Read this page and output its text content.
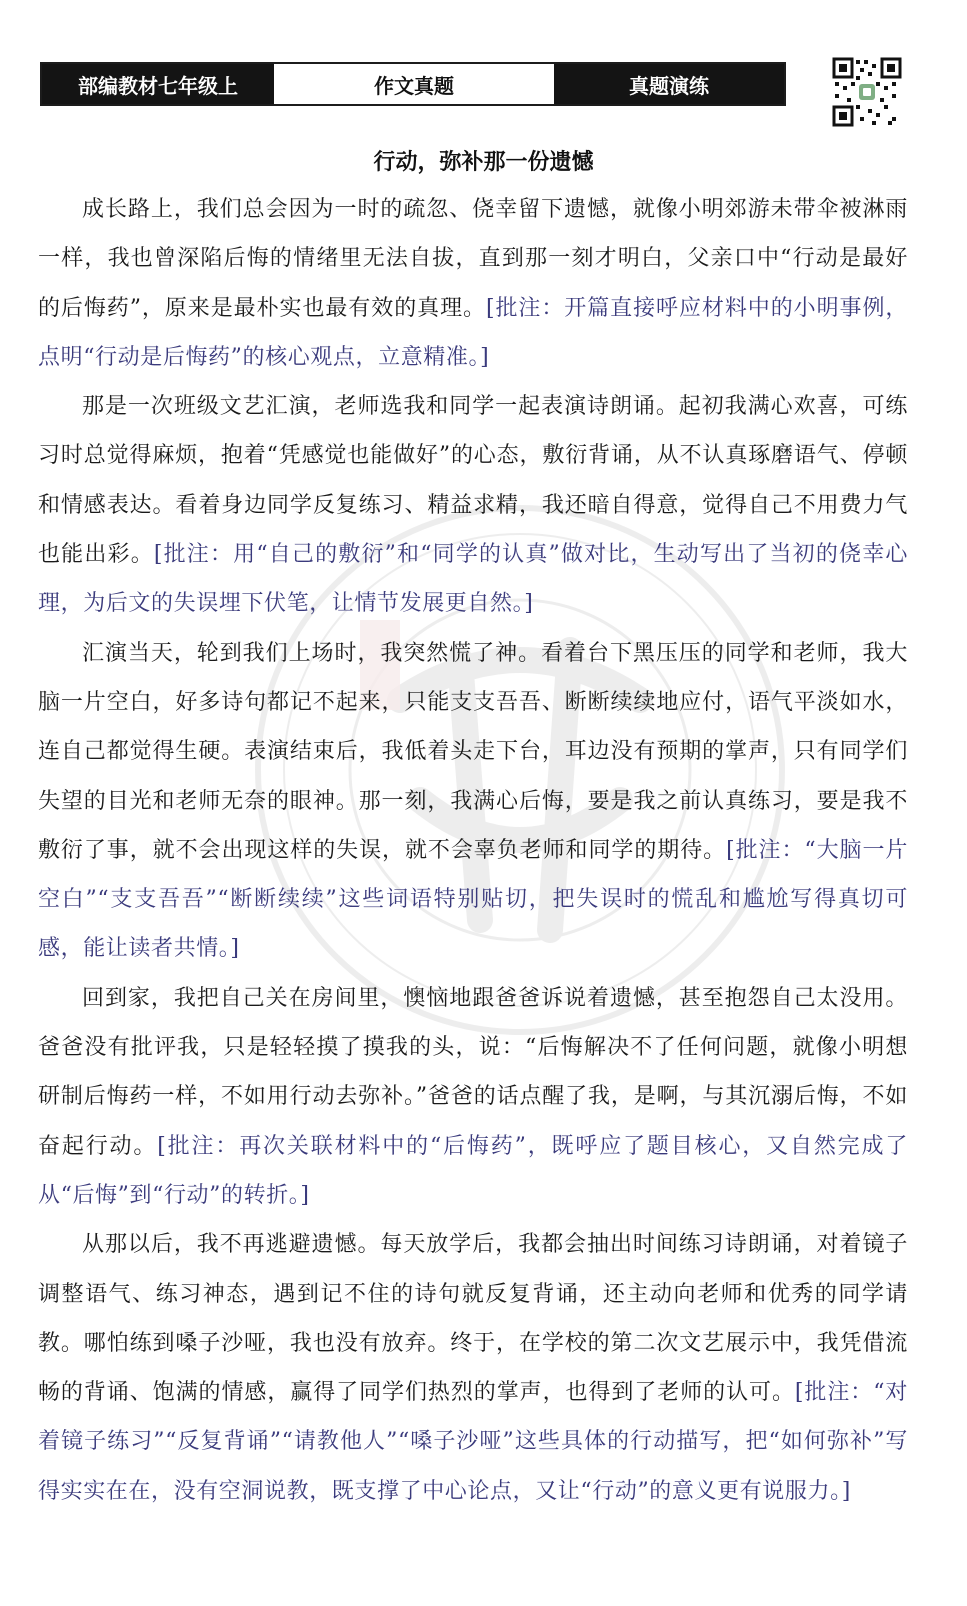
部编教材七年级上	作文真题	真题演练
行动，弥补那一份遗憾

成长路上，我们总会因为一时的疏忽、侥幸留下遗憾，就像小明郊游未带伞被淋雨一样，我也曾深陷后悔的情绪里无法自拔，直到那一刻才明白，父亲口中“行动是最好的后悔药”，原来是最朴实也最有效的真理。[批注：开篇直接呼应材料中的小明事例，点明“行动是后悔药”的核心观点，立意精准。]

那是一次班级文艺汇演，老师选我和同学一起表演诗朗诵。起初我满心欢喜，可练习时总觉得麻烦，抱着“凭感觉也能做好”的心态，敷衍背诵，从不认真琢磨语气、停顿和情感表达。看着身边同学反复练习、精益求精，我还暗自得意，觉得自己不用费力气也能出彩。[批注：用“自己的敷衍”和“同学的认真”做对比，生动写出了当初的侥幸心理，为后文的失误埋下伏笔，让情节发展更自然。]

汇演当天，轮到我们上场时，我突然慌了神。看着台下黑压压的同学和老师，我大脑一片空白，好多诗句都记不起来，只能支支吾吾、断断续续地应付，语气平淡如水，连自己都觉得生硬。表演结束后，我低着头走下台，耳边没有预期的掌声，只有同学们失望的目光和老师无奈的眼神。那一刻，我满心后悔，要是我之前认真练习，要是我不敷衍了事，就不会出现这样的失误，就不会辜负老师和同学的期待。[批注：“大脑一片空白”“支支吾吾”“断断续续”这些词语特别贴切，把失误时的慌乱和尴尬写得真切可感，能让读者共情。]

回到家，我把自己关在房间里，懊恼地跟爸爸诉说着遗憾，甚至抱怨自己太没用。爸爸没有批评我，只是轻轻摸了摸我的头，说：“后悔解决不了任何问题，就像小明想研制后悔药一样，不如用行动去弥补。”爸爸的话点醒了我，是啊，与其沉溺后悔，不如奋起行动。[批注：再次关联材料中的“后悔药”，既呼应了题目核心，又自然完成了从“后悔”到“行动”的转折。]

从那以后，我不再逃避遗憾。每天放学后，我都会抽出时间练习诗朗诵，对着镜子调整语气、练习神态，遇到记不住的诗句就反复背诵，还主动向老师和优秀的同学请教。哪怕练到嗓子沙哑，我也没有放弃。终于，在学校的第二次文艺展示中，我凭借流畅的背诵、饱满的情感，赢得了同学们热烈的掌声，也得到了老师的认可。[批注：“对着镜子练习”“反复背诵”“请教他人”“嗓子沙哑”这些具体的行动描写，把“如何弥补”写得实实在在，没有空洞说教，既支撑了中心论点，又让“行动”的意义更有说服力。]
